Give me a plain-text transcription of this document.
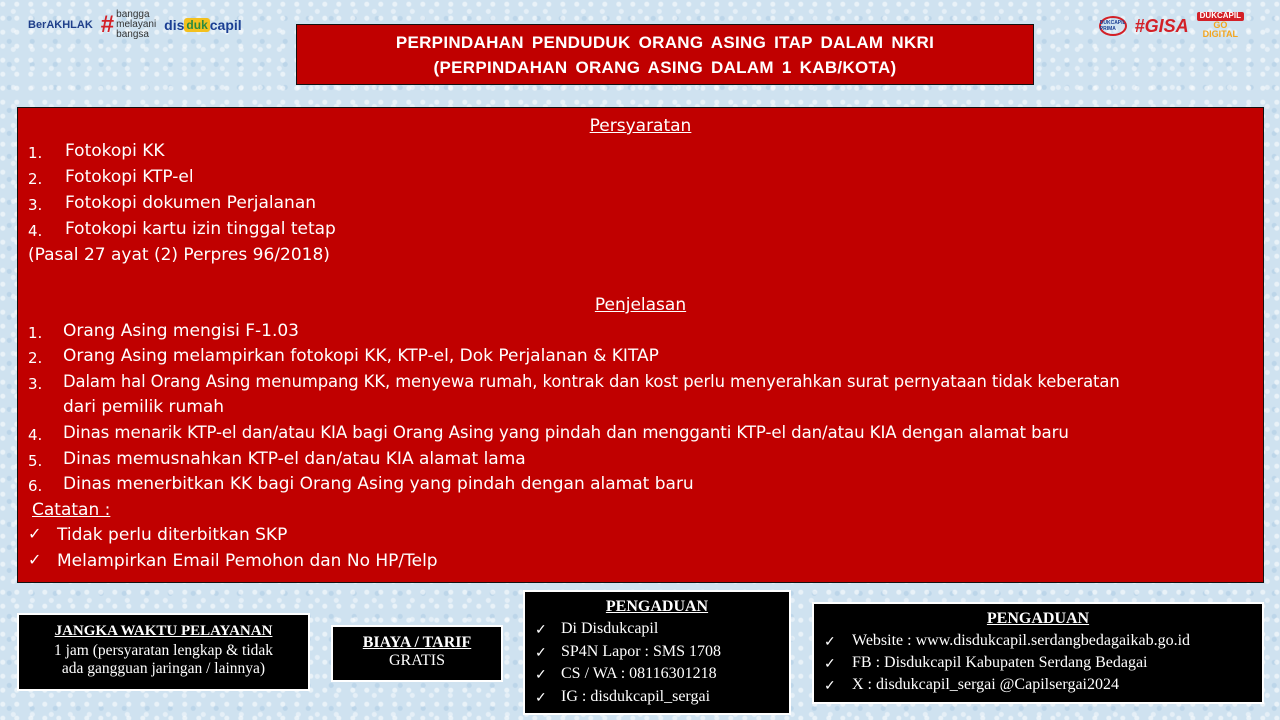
BerAKHLAK # bangga
melayani
bangsa
dis duk capil	DUKCAPIL PRIMA	#GISA
DUKCAPIL
GO
DIGITAL
PERPINDAHAN PENDUDUK ORANG ASING ITAP DALAM NKRI
(PERPINDAHAN ORANG ASING DALAM 1 KAB/KOTA)
Persyaratan
1. Fotokopi KK
2. Fotokopi KTP-el
3. Fotokopi dokumen Perjalanan
4. Fotokopi kartu izin tinggal tetap
(Pasal 27 ayat (2) Perpres 96/2018)
Penjelasan
1. Orang Asing mengisi F-1.03
2. Orang Asing melampirkan fotokopi KK, KTP-el, Dok Perjalanan & KITAP
3. Dalam hal Orang Asing menumpang KK, menyewa rumah, kontrak dan kost perlu menyerahkan surat pernyataan tidak keberatan
dari pemilik rumah
4. Dinas menarik KTP-el dan/atau KIA bagi Orang Asing yang pindah dan mengganti KTP-el dan/atau KIA dengan alamat baru
5. Dinas memusnahkan KTP-el dan/atau KIA alamat lama
6. Dinas menerbitkan KK bagi Orang Asing yang pindah dengan alamat baru
Catatan :
✓ Tidak perlu diterbitkan SKP
✓ Melampirkan Email Pemohon dan No HP/Telp
JANGKA WAKTU PELAYANAN
1 jam (persyaratan lengkap & tidak
ada gangguan jaringan / lainnya)
BIAYA / TARIF
GRATIS
PENGADUAN
✓ Di Disdukcapil
✓ SP4N Lapor : SMS 1708
✓ CS / WA : 08116301218
✓ IG : disdukcapil_sergai
PENGADUAN
✓ Website : www.disdukcapil.serdangbedagaikab.go.id
✓ FB : Disdukcapil Kabupaten Serdang Bedagai
✓ X : disdukcapil_sergai @Capilsergai2024
